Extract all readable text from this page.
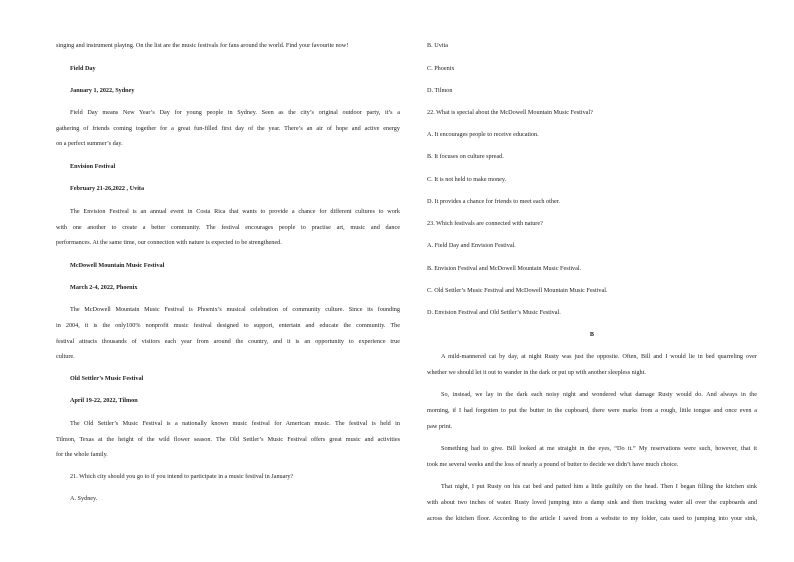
singing and instrument playing. On the list are the music festivals for fans around the world. Find your favourite now!
Field Day
January 1, 2022, Sydney
Field Day means New Year’s Day for young people in Sydney. Seen as the city’s original outdoor party, it’s a
gathering of friends coming together for a great fun-filled first day of the year. There’s an air of hope and active energy
on a perfect summer’s day.
Envision Festival
February 21-26,2022 , Uvita
The Envision Festival is an annual event in Costa Rica that wants to provide a chance for different cultures to work
with one another to create a better community. The festival encourages people to practise art, music and dance
performances. At the same time, our connection with nature is expected to be strengthened.
McDowell Mountain Music Festival
March 2-4, 2022, Phoenix
The McDowell Mountain Music Festival is Phoenix’s musical celebration of community culture. Since its founding
in 2004, it is the only100% nonprofit music festival designed to support, entertain and educate the community. The
festival attracts thousands of visitors each year from around the country, and it is an opportunity to experience true
culture.
Old Settler’s Music Festival
April 19-22, 2022, Tilmon
The Old Settler’s Music Festival is a nationally known music festival for American music. The festival is held in
Tilmon, Texas at the height of the wild flower season. The Old Settler’s Music Festival offers great music and activities
for the whole family.
21. Which city should you go to if you intend to participate in a music festival in January?
A. Sydney.
B. Uvita
C. Phoenix
D. Tilmon
22. What is special about the McDowell Mountain Music Festival?
A. It encourages people to receive education.
B. It focuses on culture spread.
C. It is not held to make money.
D. It provides a chance for friends to meet each other.
23. Which festivals are connected with nature?
A. Field Day and Envision Festival.
B. Envision Festival and McDowell Mountain Music Festival.
C. Old Settler’s Music Festival and McDowell Mountain Music Festival.
D. Envision Festival and Old Settler’s Music Festival.
B
A mild-mannered cat by day, at night Rusty was just the opposite. Often, Bill and I would lie in bed quarreling over
whether we should let it out to wander in the dark or put up with another sleepless night.
So, instead, we lay in the dark each noisy night and wondered what damage Rusty would do. And always in the
morning, if I had forgotten to put the butter in the cupboard, there were marks from a rough, little tongue and once even a
paw print.
Something had to give. Bill looked at me straight in the eyes, “Do it.” My reservations were such, however, that it
took me several weeks and the loss of nearly a pound of butter to decide we didn’t have much choice.
That night, I put Rusty on his cat bed and patted him a little guiltily on the head. Then I began filling the kitchen sink
with about two inches of water. Rusty loved jumping into a damp sink and then tracking water all over the cupboards and
across the kitchen floor. According to the article I saved from a website to my folder, cats used to jumping into your sink,
